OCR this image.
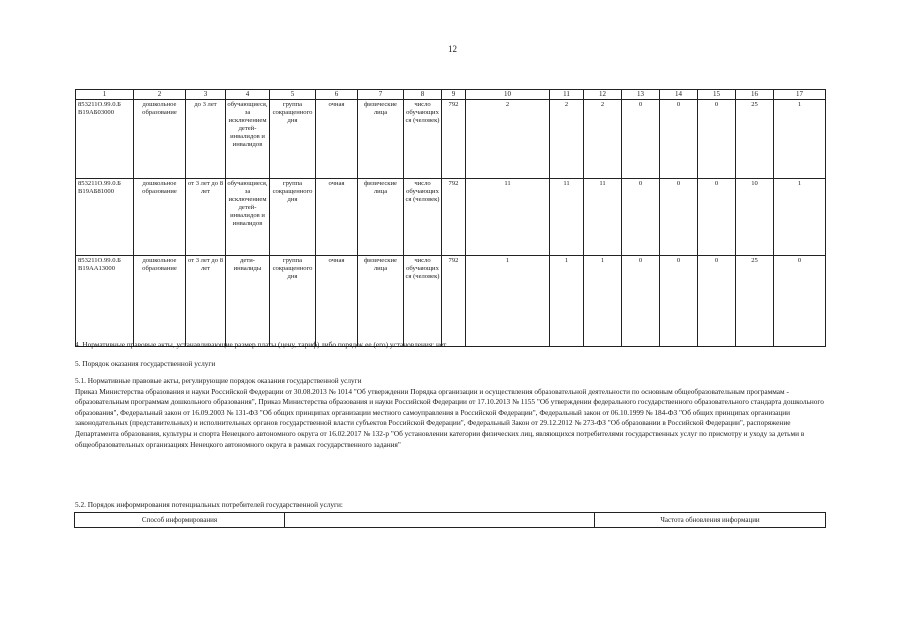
12
1	2	3	4	5	6	7	8	9	10	11	12	13	14	15	16	17
853211О.99.0.Б В19АБ03000	дошкольное образование	до 3 лет	обучающиеся, за исключением детей-инвалидов и инвалидов	группа сокращенного дня	очная	физические лица	число обучающихся (человек)	792	2	2	2	0	0	0	25	1
853211О.99.0.Б В19АБ81000	дошкольное образование	от 3 лет до 8 лет	обучающиеся, за исключением детей-инвалидов и инвалидов	группа сокращенного дня	очная	физические лица	число обучающихся (человек)	792	11	11	11	0	0	0	10	1
853211О.99.0.Б В19АА13000	дошкольное образование	от 3 лет до 8 лет	дети-инвалиды	группа сокращенного дня	очная	физические лица	число обучающихся (человек)	792	1	1	1	0	0	0	25	0
4. Нормативные правовые акты, устанавливающие размер платы (цену, тариф) либо порядок ее (его) установления: нет
5. Порядок оказания государственной услуги
5.1. Нормативные правовые акты, регулирующие порядок оказания государственной услуги
Приказ Министерства образования и науки Российской Федерации от 30.08.2013 № 1014 "Об утверждении Порядка организации и осуществления образовательной деятельности по основным общеобразовательным программам - образовательным программам дошкольного образования", Приказ Министерства образования и науки Российской Федерации от 17.10.2013 № 1155 "Об утверждении федерального государственного образовательного стандарта дошкольного образования", Федеральный закон от 16.09.2003 № 131-ФЗ "Об общих принципах организации местного самоуправления в Российской Федерации", Федеральный закон от 06.10.1999 № 184-ФЗ "Об общих принципах организации законодательных (представительных) и исполнительных органов государственной власти субъектов Российской Федерации", Федеральный Закон от 29.12.2012 № 273-ФЗ "Об образовании в Российской Федерации", распоряжение Департамента образования, культуры и спорта Ненецкого автономного округа от 16.02.2017 № 132-р "Об установлении категории физических лиц, являющихся потребителями государственных услуг по присмотру и уходу за детьми в общеобразовательных организациях Ненецкого автономного округа в рамках государственного задания"
5.2. Порядок информирования потенциальных потребителей государственной услуги:
Способ информирования		Частота обновления информации
